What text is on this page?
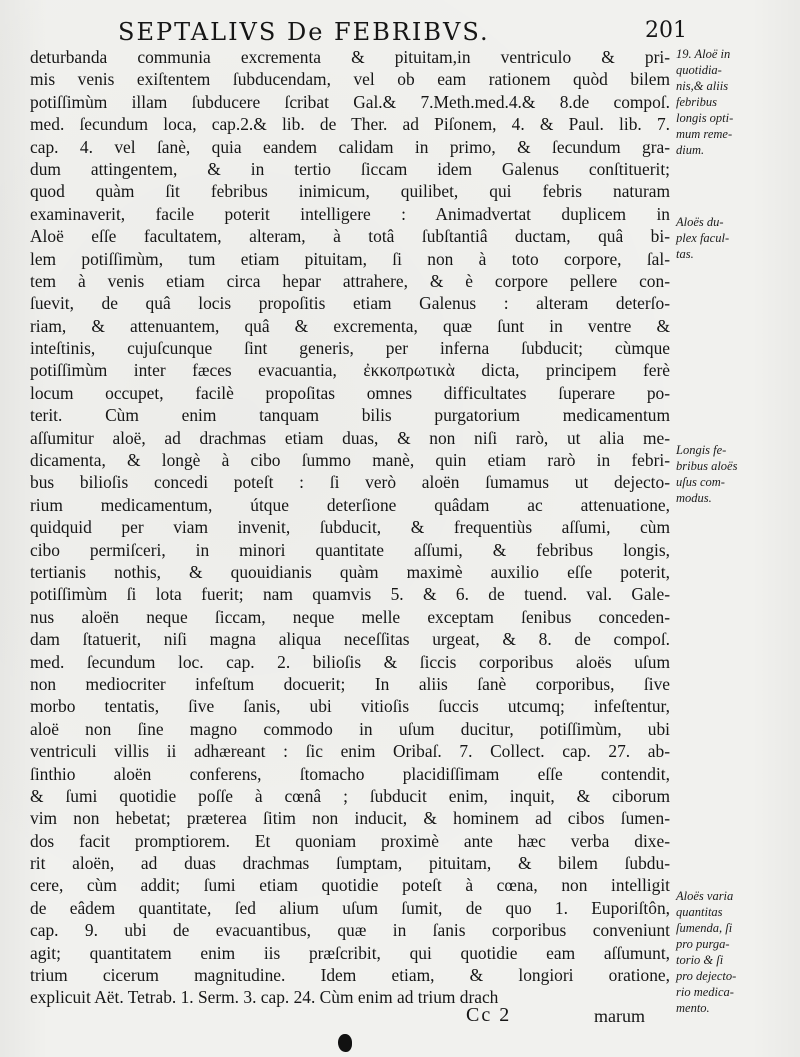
SEPTALIVS De FEBRIBVS.	201
deturbanda communia excrementa & pituitam,in ventriculo & pri-
mis venis exiſtentem ſubducendam, vel ob eam rationem quòd bilem
potiſſimùm illam ſubducere ſcribat Gal.& 7.Meth.med.4.& 8.de compoſ.
med. ſecundum loca, cap.2.& lib. de Ther. ad Piſonem, 4. & Paul. lib. 7.
cap. 4. vel ſanè, quia eandem calidam in primo, & ſecundum gra-
dum attingentem, & in tertio ſiccam idem Galenus conſtituerit;
quod quàm ſit febribus inimicum, quilibet, qui febris naturam
examinaverit, facile poterit intelligere : Animadvertat duplicem in
Aloë eſſe facultatem, alteram, à totâ ſubſtantiâ ductam, quâ bi-
lem potiſſimùm, tum etiam pituitam, ſi non à toto corpore, ſal-
tem à venis etiam circa hepar attrahere, & è corpore pellere con-
ſuevit, de quâ locis propoſitis etiam Galenus : alteram deterſo-
riam, & attenuantem, quâ & excrementa, quæ ſunt in ventre &
inteſtinis, cujuſcunque ſint generis, per inferna ſubducit; cùmque
potiſſimùm inter fæces evacuantia, ἐκκοπρωτικὰ dicta, principem ferè
locum occupet, facilè propoſitas omnes difficultates ſuperare po-
terit. Cùm enim tanquam bilis purgatorium medicamentum
aſſumitur aloë, ad drachmas etiam duas, & non niſi rarò, ut alia me-
dicamenta, & longè à cibo ſummo manè, quin etiam rarò in febri-
bus bilioſis concedi poteſt : ſi verò aloën ſumamus ut dejecto-
rium medicamentum, útque deterſione quâdam ac attenuatione,
quidquid per viam invenit, ſubducit, & frequentiùs aſſumi, cùm
cibo permiſceri, in minori quantitate aſſumi, & febribus longis,
tertianis nothis, & quouidianis quàm maximè auxilio eſſe poterit,
potiſſimùm ſi lota fuerit; nam quamvis 5. & 6. de tuend. val. Gale-
nus aloën neque ſiccam, neque melle exceptam ſenibus conceden-
dam ſtatuerit, niſi magna aliqua neceſſitas urgeat, & 8. de compoſ.
med. ſecundum loc. cap. 2. bilioſis & ſiccis corporibus aloës uſum
non mediocriter infeſtum docuerit; In aliis ſanè corporibus, ſive
morbo tentatis, ſive ſanis, ubi vitioſis ſuccis utcumq; infeſtentur,
aloë non ſine magno commodo in uſum ducitur, potiſſimùm, ubi
ventriculi villis ii adhæreant : ſic enim Oribaſ. 7. Collect. cap. 27. ab-
ſinthio aloën conferens, ſtomacho placidiſſimam eſſe contendit,
& ſumi quotidie poſſe à cœnâ ; ſubducit enim, inquit, & ciborum
vim non hebetat; præterea ſitim non inducit, & hominem ad cibos ſumen-
dos facit promptiorem. Et quoniam proximè ante hæc verba dixe-
rit aloën, ad duas drachmas ſumptam, pituitam, & bilem ſubdu-
cere, cùm addit; ſumi etiam quotidie poteſt à cœna, non intelligit
de eâdem quantitate, ſed alium uſum ſumit, de quo 1. Euporiſtôn,
cap. 9. ubi de evacuantibus, quæ in ſanis corporibus conveniunt
agit; quantitatem enim iis præſcribit, qui quotidie eam aſſumunt,
trium cicerum magnitudine. Idem etiam, & longiori oratione,
explicuit Aët. Tetrab. 1. Serm. 3. cap. 24. Cùm enim ad trium drach
19. Aloë in
quotidia-
nis,& aliis
febribus
longis opti-
mum reme-
dium.
Aloës du-
plex facul-
tas.
Longis fe-
bribus aloës
uſus com-
modus.
Aloës varia
quantitas
ſumenda, ſi
pro purga-
torio & ſi
pro dejecto-
rio medica-
mento.
Cc 2	marum
